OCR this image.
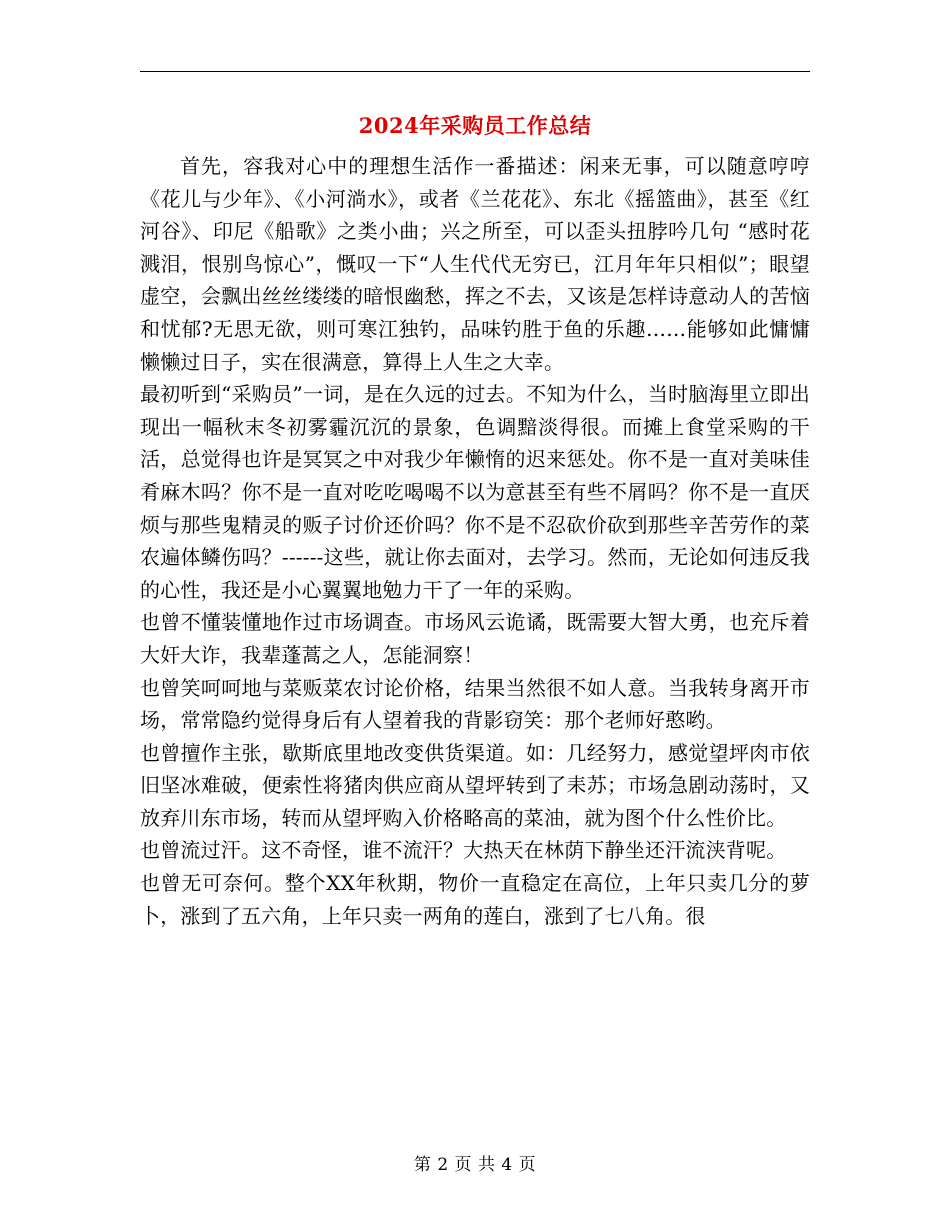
2024年采购员工作总结

首先，容我对心中的理想生活作一番描述：闲来无事，可以随意哼哼《花儿与少年》、《小河淌水》，或者《兰花花》、东北《摇篮曲》，甚至《红河谷》、印尼《船歌》之类小曲；兴之所至，可以歪头扭脖吟几句 “感时花溅泪，恨别鸟惊心”，慨叹一下“人生代代无穷已，江月年年只相似”；眼望虚空，会飘出丝丝缕缕的暗恨幽愁，挥之不去，又该是怎样诗意动人的苦恼和忧郁?无思无欲，则可寒江独钓，品味钓胜于鱼的乐趣……能够如此慵慵懒懒过日子，实在很满意，算得上人生之大幸。

最初听到“采购员”一词，是在久远的过去。不知为什么，当时脑海里立即出现出一幅秋末冬初雾霾沉沉的景象，色调黯淡得很。而摊上食堂采购的干活，总觉得也许是冥冥之中对我少年懒惰的迟来惩处。你不是一直对美味佳肴麻木吗？你不是一直对吃吃喝喝不以为意甚至有些不屑吗？你不是一直厌烦与那些鬼精灵的贩子讨价还价吗？你不是不忍砍价砍到那些辛苦劳作的菜农遍体鳞伤吗？------这些，就让你去面对，去学习。然而，无论如何违反我的心性，我还是小心翼翼地勉力干了一年的采购。

也曾不懂装懂地作过市场调查。市场风云诡谲，既需要大智大勇，也充斥着大奸大诈，我辈蓬蒿之人，怎能洞察！

也曾笑呵呵地与菜贩菜农讨论价格，结果当然很不如人意。当我转身离开市场，常常隐约觉得身后有人望着我的背影窃笑：那个老师好憨哟。

也曾擅作主张，歇斯底里地改变供货渠道。如：几经努力，感觉望坪肉市依旧坚冰难破，便索性将猪肉供应商从望坪转到了耒苏；市场急剧动荡时，又放弃川东市场，转而从望坪购入价格略高的菜油，就为图个什么性价比。

也曾流过汗。这不奇怪，谁不流汗？大热天在林荫下静坐还汗流浃背呢。

也曾无可奈何。整个XX年秋期，物价一直稳定在高位，上年只卖几分的萝卜，涨到了五六角，上年只卖一两角的莲白，涨到了七八角。很

第 2 页 共 4 页
